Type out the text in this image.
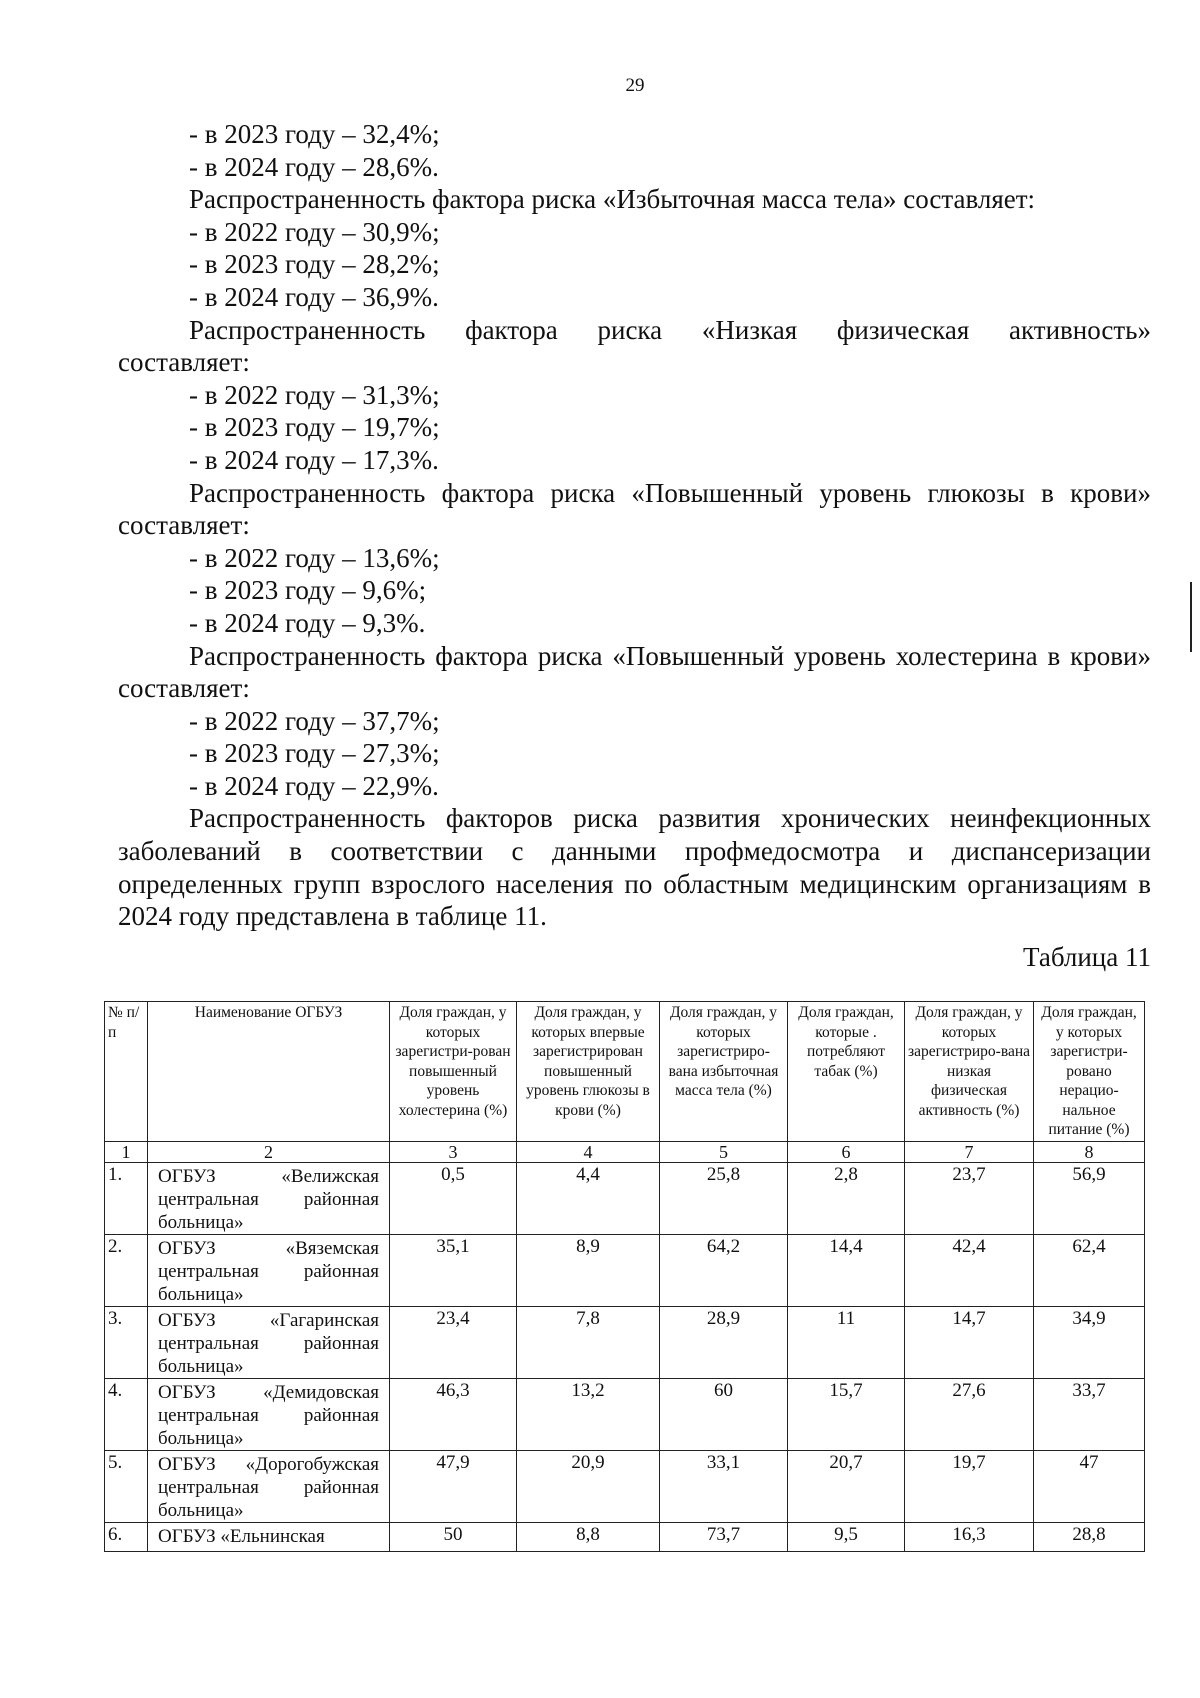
29

- в 2023 году – 32,4%;

- в 2024 году – 28,6%.

Распространенность фактора риска «Избыточная масса тела» составляет:

- в 2022 году – 30,9%;

- в 2023 году – 28,2%;

- в 2024 году – 36,9%.

Распространенность фактора риска «Низкая физическая активность» составляет:

- в 2022 году – 31,3%;

- в 2023 году – 19,7%;

- в 2024 году – 17,3%.

Распространенность фактора риска «Повышенный уровень глюкозы в крови» составляет:

- в 2022 году – 13,6%;

- в 2023 году – 9,6%;

- в 2024 году – 9,3%.

Распространенность фактора риска «Повышенный уровень холестерина в крови» составляет:

- в 2022 году – 37,7%;

- в 2023 году – 27,3%;

- в 2024 году – 22,9%.

Распространенность факторов риска развития хронических неинфекционных заболеваний в соответствии с данными профмедосмотра и диспансеризации определенных групп взрослого населения по областным медицинским организациям в 2024 году представлена в таблице 11.

Таблица 11

№ п/п	Наименование ОГБУЗ	Доля граждан, у которых зарегистри-рован повышенный уровень холестерина (%)	Доля граждан, у которых впервые зарегистрирован повышенный уровень глюкозы в крови (%)	Доля граждан, у которых зарегистриро-вана избыточная масса тела (%)	Доля граждан, которые . потребляют табак (%)	Доля граждан, у которых зарегистриро-вана низкая физическая активность (%)	Доля граждан, у которых зарегистри-ровано нерацио-нальное питание (%)
1	2	3	4	5	6	7	8
1.	ОГБУЗ «Велижская центральная районная больница»	0,5	4,4	25,8	2,8	23,7	56,9
2.	ОГБУЗ «Вяземская центральная районная больница»	35,1	8,9	64,2	14,4	42,4	62,4
3.	ОГБУЗ «Гагаринская центральная районная больница»	23,4	7,8	28,9	11	14,7	34,9
4.	ОГБУЗ «Демидовская центральная районная больница»	46,3	13,2	60	15,7	27,6	33,7
5.	ОГБУЗ «Дорогобужская центральная районная больница»	47,9	20,9	33,1	20,7	19,7	47
6.	ОГБУЗ «Ельнинская	50	8,8	73,7	9,5	16,3	28,8
